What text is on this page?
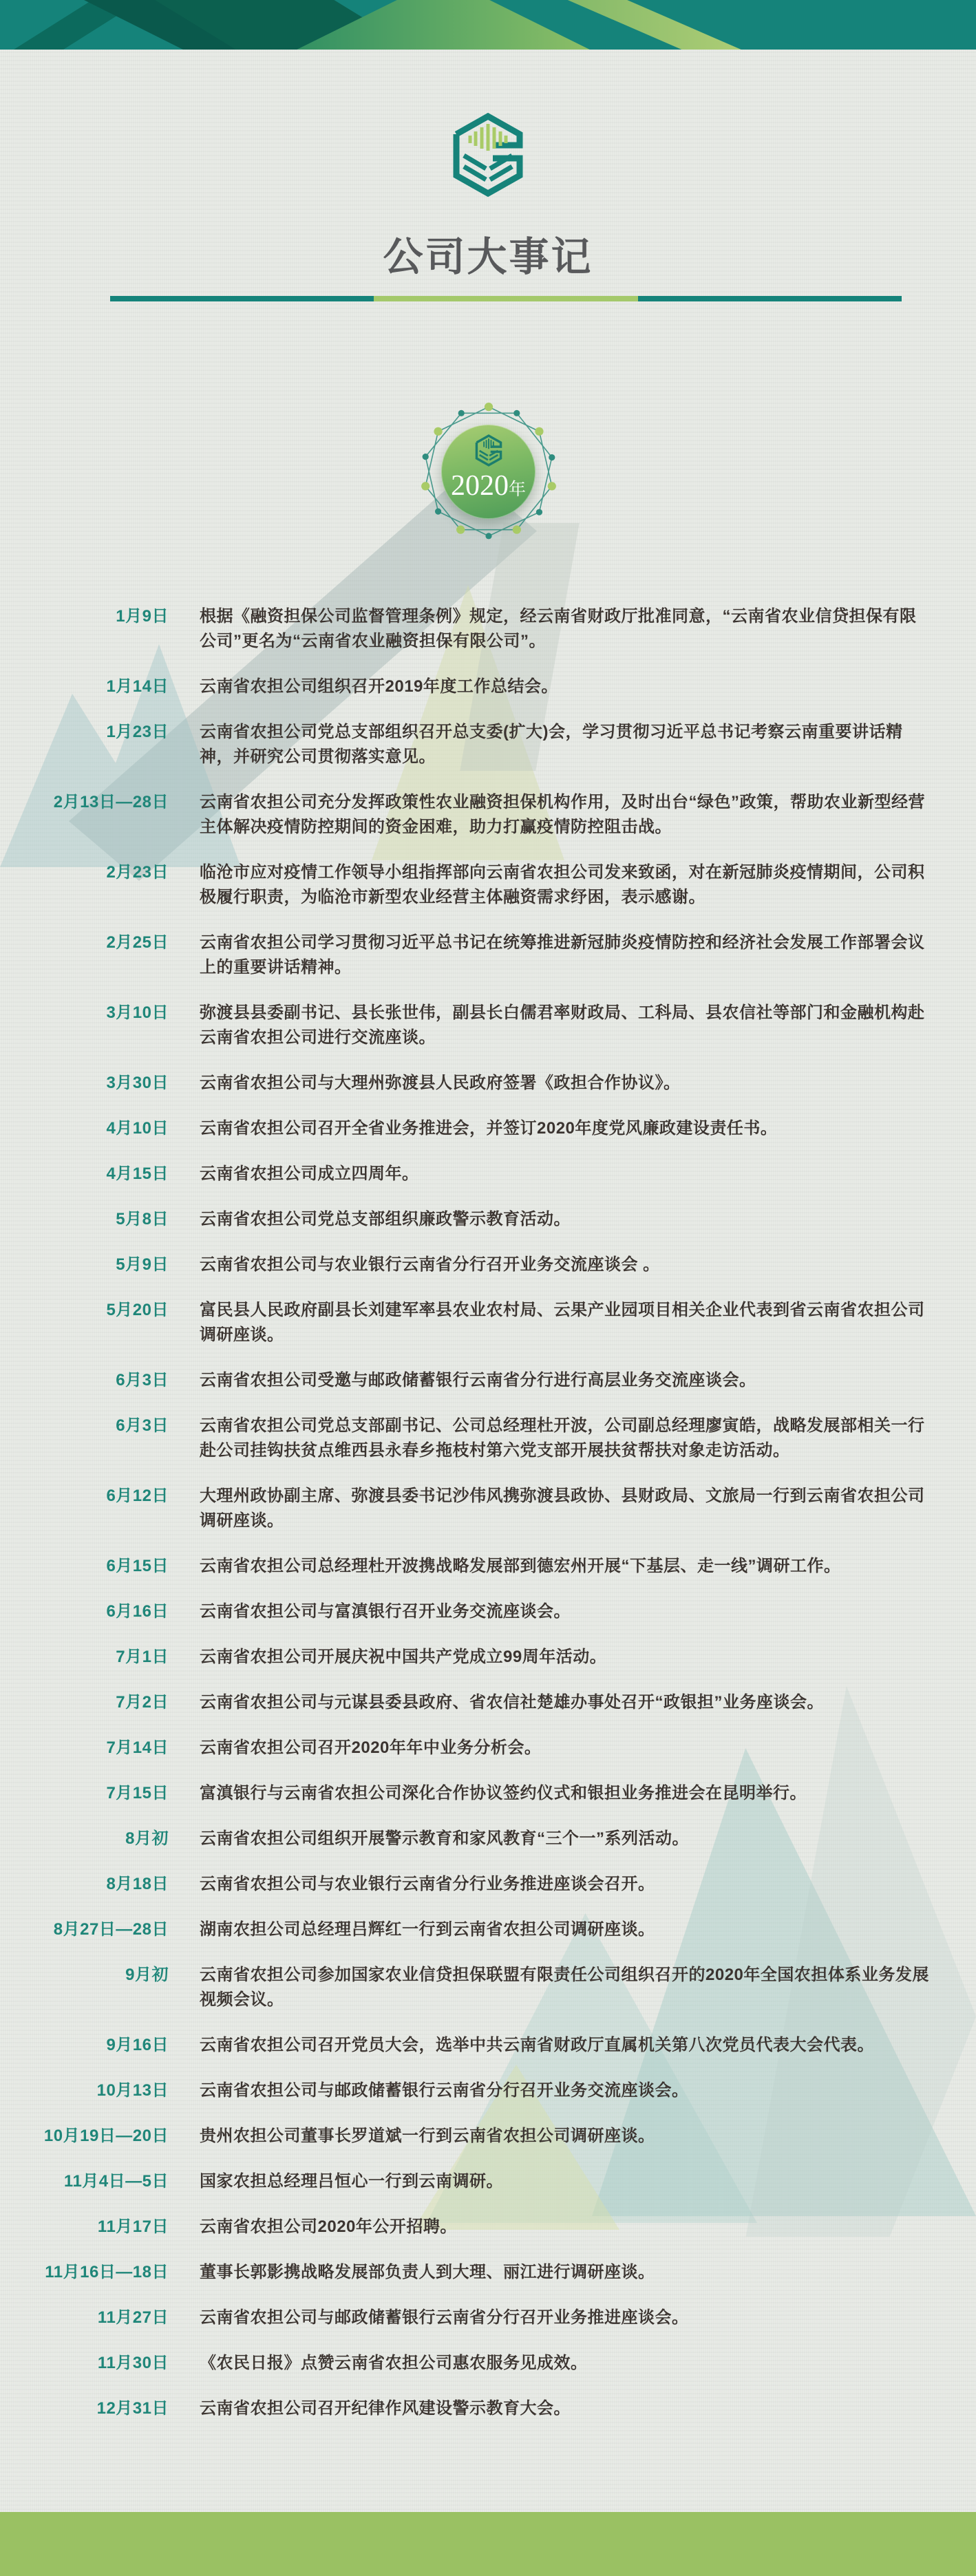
公司大事记
2020年
1月9日 根据《融资担保公司监督管理条例》规定，经云南省财政厅批准同意，“云南省农业信贷担保有限公司”更名为“云南省农业融资担保有限公司”。
1月14日 云南省农担公司组织召开2019年度工作总结会。
1月23日 云南省农担公司党总支部组织召开总支委(扩大)会，学习贯彻习近平总书记考察云南重要讲话精神，并研究公司贯彻落实意见。
2月13日—28日 云南省农担公司充分发挥政策性农业融资担保机构作用，及时出台“绿色”政策，帮助农业新型经营主体解决疫情防控期间的资金困难，助力打赢疫情防控阻击战。
2月23日 临沧市应对疫情工作领导小组指挥部向云南省农担公司发来致函，对在新冠肺炎疫情期间，公司积极履行职责，为临沧市新型农业经营主体融资需求纾困，表示感谢。
2月25日 云南省农担公司学习贯彻习近平总书记在统筹推进新冠肺炎疫情防控和经济社会发展工作部署会议上的重要讲话精神。
3月10日 弥渡县县委副书记、县长张世伟，副县长白儒君率财政局、工科局、县农信社等部门和金融机构赴云南省农担公司进行交流座谈。
3月30日 云南省农担公司与大理州弥渡县人民政府签署《政担合作协议》。
4月10日 云南省农担公司召开全省业务推进会，并签订2020年度党风廉政建设责任书。
4月15日 云南省农担公司成立四周年。
5月8日 云南省农担公司党总支部组织廉政警示教育活动。
5月9日 云南省农担公司与农业银行云南省分行召开业务交流座谈会 。
5月20日 富民县人民政府副县长刘建军率县农业农村局、云果产业园项目相关企业代表到省云南省农担公司调研座谈。
6月3日 云南省农担公司受邀与邮政储蓄银行云南省分行进行高层业务交流座谈会。
6月3日 云南省农担公司党总支部副书记、公司总经理杜开波，公司副总经理廖寅皓，战略发展部相关一行赴公司挂钩扶贫点维西县永春乡拖枝村第六党支部开展扶贫帮扶对象走访活动。
6月12日 大理州政协副主席、弥渡县委书记沙伟风携弥渡县政协、县财政局、文旅局一行到云南省农担公司调研座谈。
6月15日 云南省农担公司总经理杜开波携战略发展部到德宏州开展“下基层、走一线”调研工作。
6月16日 云南省农担公司与富滇银行召开业务交流座谈会。
7月1日 云南省农担公司开展庆祝中国共产党成立99周年活动。
7月2日 云南省农担公司与元谋县委县政府、省农信社楚雄办事处召开“政银担”业务座谈会。
7月14日 云南省农担公司召开2020年年中业务分析会。
7月15日 富滇银行与云南省农担公司深化合作协议签约仪式和银担业务推进会在昆明举行。
8月初 云南省农担公司组织开展警示教育和家风教育“三个一”系列活动。
8月18日 云南省农担公司与农业银行云南省分行业务推进座谈会召开。
8月27日—28日 湖南农担公司总经理吕辉红一行到云南省农担公司调研座谈。
9月初 云南省农担公司参加国家农业信贷担保联盟有限责任公司组织召开的2020年全国农担体系业务发展视频会议。
9月16日 云南省农担公司召开党员大会，选举中共云南省财政厅直属机关第八次党员代表大会代表。
10月13日 云南省农担公司与邮政储蓄银行云南省分行召开业务交流座谈会。
10月19日—20日 贵州农担公司董事长罗道斌一行到云南省农担公司调研座谈。
11月4日—5日 国家农担总经理吕恒心一行到云南调研。
11月17日 云南省农担公司2020年公开招聘。
11月16日—18日 董事长郭影携战略发展部负责人到大理、丽江进行调研座谈。
11月27日 云南省农担公司与邮政储蓄银行云南省分行召开业务推进座谈会。
11月30日 《农民日报》点赞云南省农担公司惠农服务见成效。
12月31日 云南省农担公司召开纪律作风建设警示教育大会。
